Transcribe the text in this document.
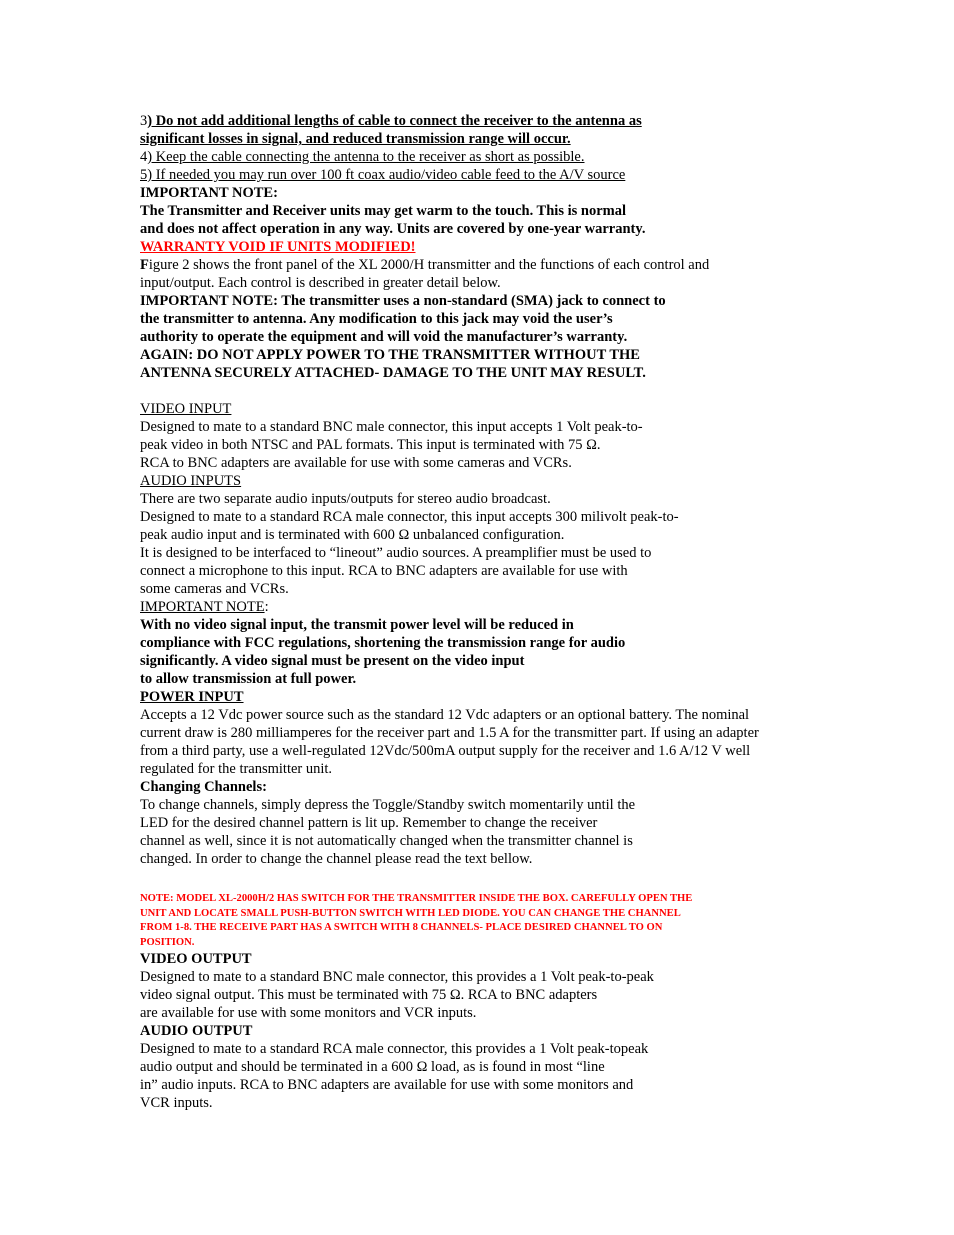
3) Do not add additional lengths of cable to connect the receiver to the antenna as
significant losses in signal, and reduced transmission range will occur.
4) Keep the cable connecting the antenna to the receiver as short as possible.
5) If needed you may run over 100 ft coax audio/video cable feed to the A/V source
IMPORTANT NOTE:
The Transmitter and Receiver units may get warm to the touch. This is normal
and does not affect operation in any way. Units are covered by one-year warranty.
WARRANTY VOID IF UNITS MODIFIED!
Figure 2 shows the front panel of the XL 2000/H transmitter and the functions of each control and
input/output. Each control is described in greater detail below.
IMPORTANT NOTE: The transmitter uses a non-standard (SMA) jack to connect to
the transmitter to antenna. Any modification to this jack may void the user’s
authority to operate the equipment and will void the manufacturer’s warranty.
AGAIN: DO NOT APPLY POWER TO THE TRANSMITTER WITHOUT THE
ANTENNA SECURELY ATTACHED- DAMAGE TO THE UNIT MAY RESULT.
VIDEO INPUT
Designed to mate to a standard BNC male connector, this input accepts 1 Volt peak-to-
peak video in both NTSC and PAL formats. This input is terminated with 75 Ω.
RCA to BNC adapters are available for use with some cameras and VCRs.
AUDIO INPUTS
There are two separate audio inputs/outputs for stereo audio broadcast.
Designed to mate to a standard RCA male connector, this input accepts 300 milivolt peak-to-
peak audio input and is terminated with 600 Ω unbalanced configuration.
It is designed to be interfaced to “lineout” audio sources. A preamplifier must be used to
connect a microphone to this input. RCA to BNC adapters are available for use with
some cameras and VCRs.
IMPORTANT NOTE:
With no video signal input, the transmit power level will be reduced in
compliance with FCC regulations, shortening the transmission range for audio
significantly. A video signal must be present on the video input
to allow transmission at full power.
POWER INPUT
Accepts a 12 Vdc power source such as the standard 12 Vdc adapters or an optional battery. The nominal
current draw is 280 milliamperes for the receiver part and 1.5 A for the transmitter part. If using an adapter
from a third party, use a well-regulated 12Vdc/500mA output supply for the receiver and 1.6 A/12 V well
regulated for the transmitter unit.
Changing Channels:
To change channels, simply depress the Toggle/Standby switch momentarily until the
LED for the desired channel pattern is lit up. Remember to change the receiver
channel as well, since it is not automatically changed when the transmitter channel is
changed. In order to change the channel please read the text bellow.
NOTE: MODEL XL-2000H/2 HAS SWITCH FOR THE TRANSMITTER INSIDE THE BOX. CAREFULLY OPEN THE
UNIT AND LOCATE SMALL PUSH-BUTTON SWITCH WITH LED DIODE. YOU CAN CHANGE THE CHANNEL
FROM 1-8. THE RECEIVE PART HAS A SWITCH WITH 8 CHANNELS- PLACE DESIRED CHANNEL TO ON
POSITION.
VIDEO OUTPUT
Designed to mate to a standard BNC male connector, this provides a 1 Volt peak-to-peak
video signal output. This must be terminated with 75 Ω. RCA to BNC adapters
are available for use with some monitors and VCR inputs.
AUDIO OUTPUT
Designed to mate to a standard RCA male connector, this provides a 1 Volt peak-topeak
audio output and should be terminated in a 600 Ω load, as is found in most “line
in” audio inputs. RCA to BNC adapters are available for use with some monitors and
VCR inputs.
